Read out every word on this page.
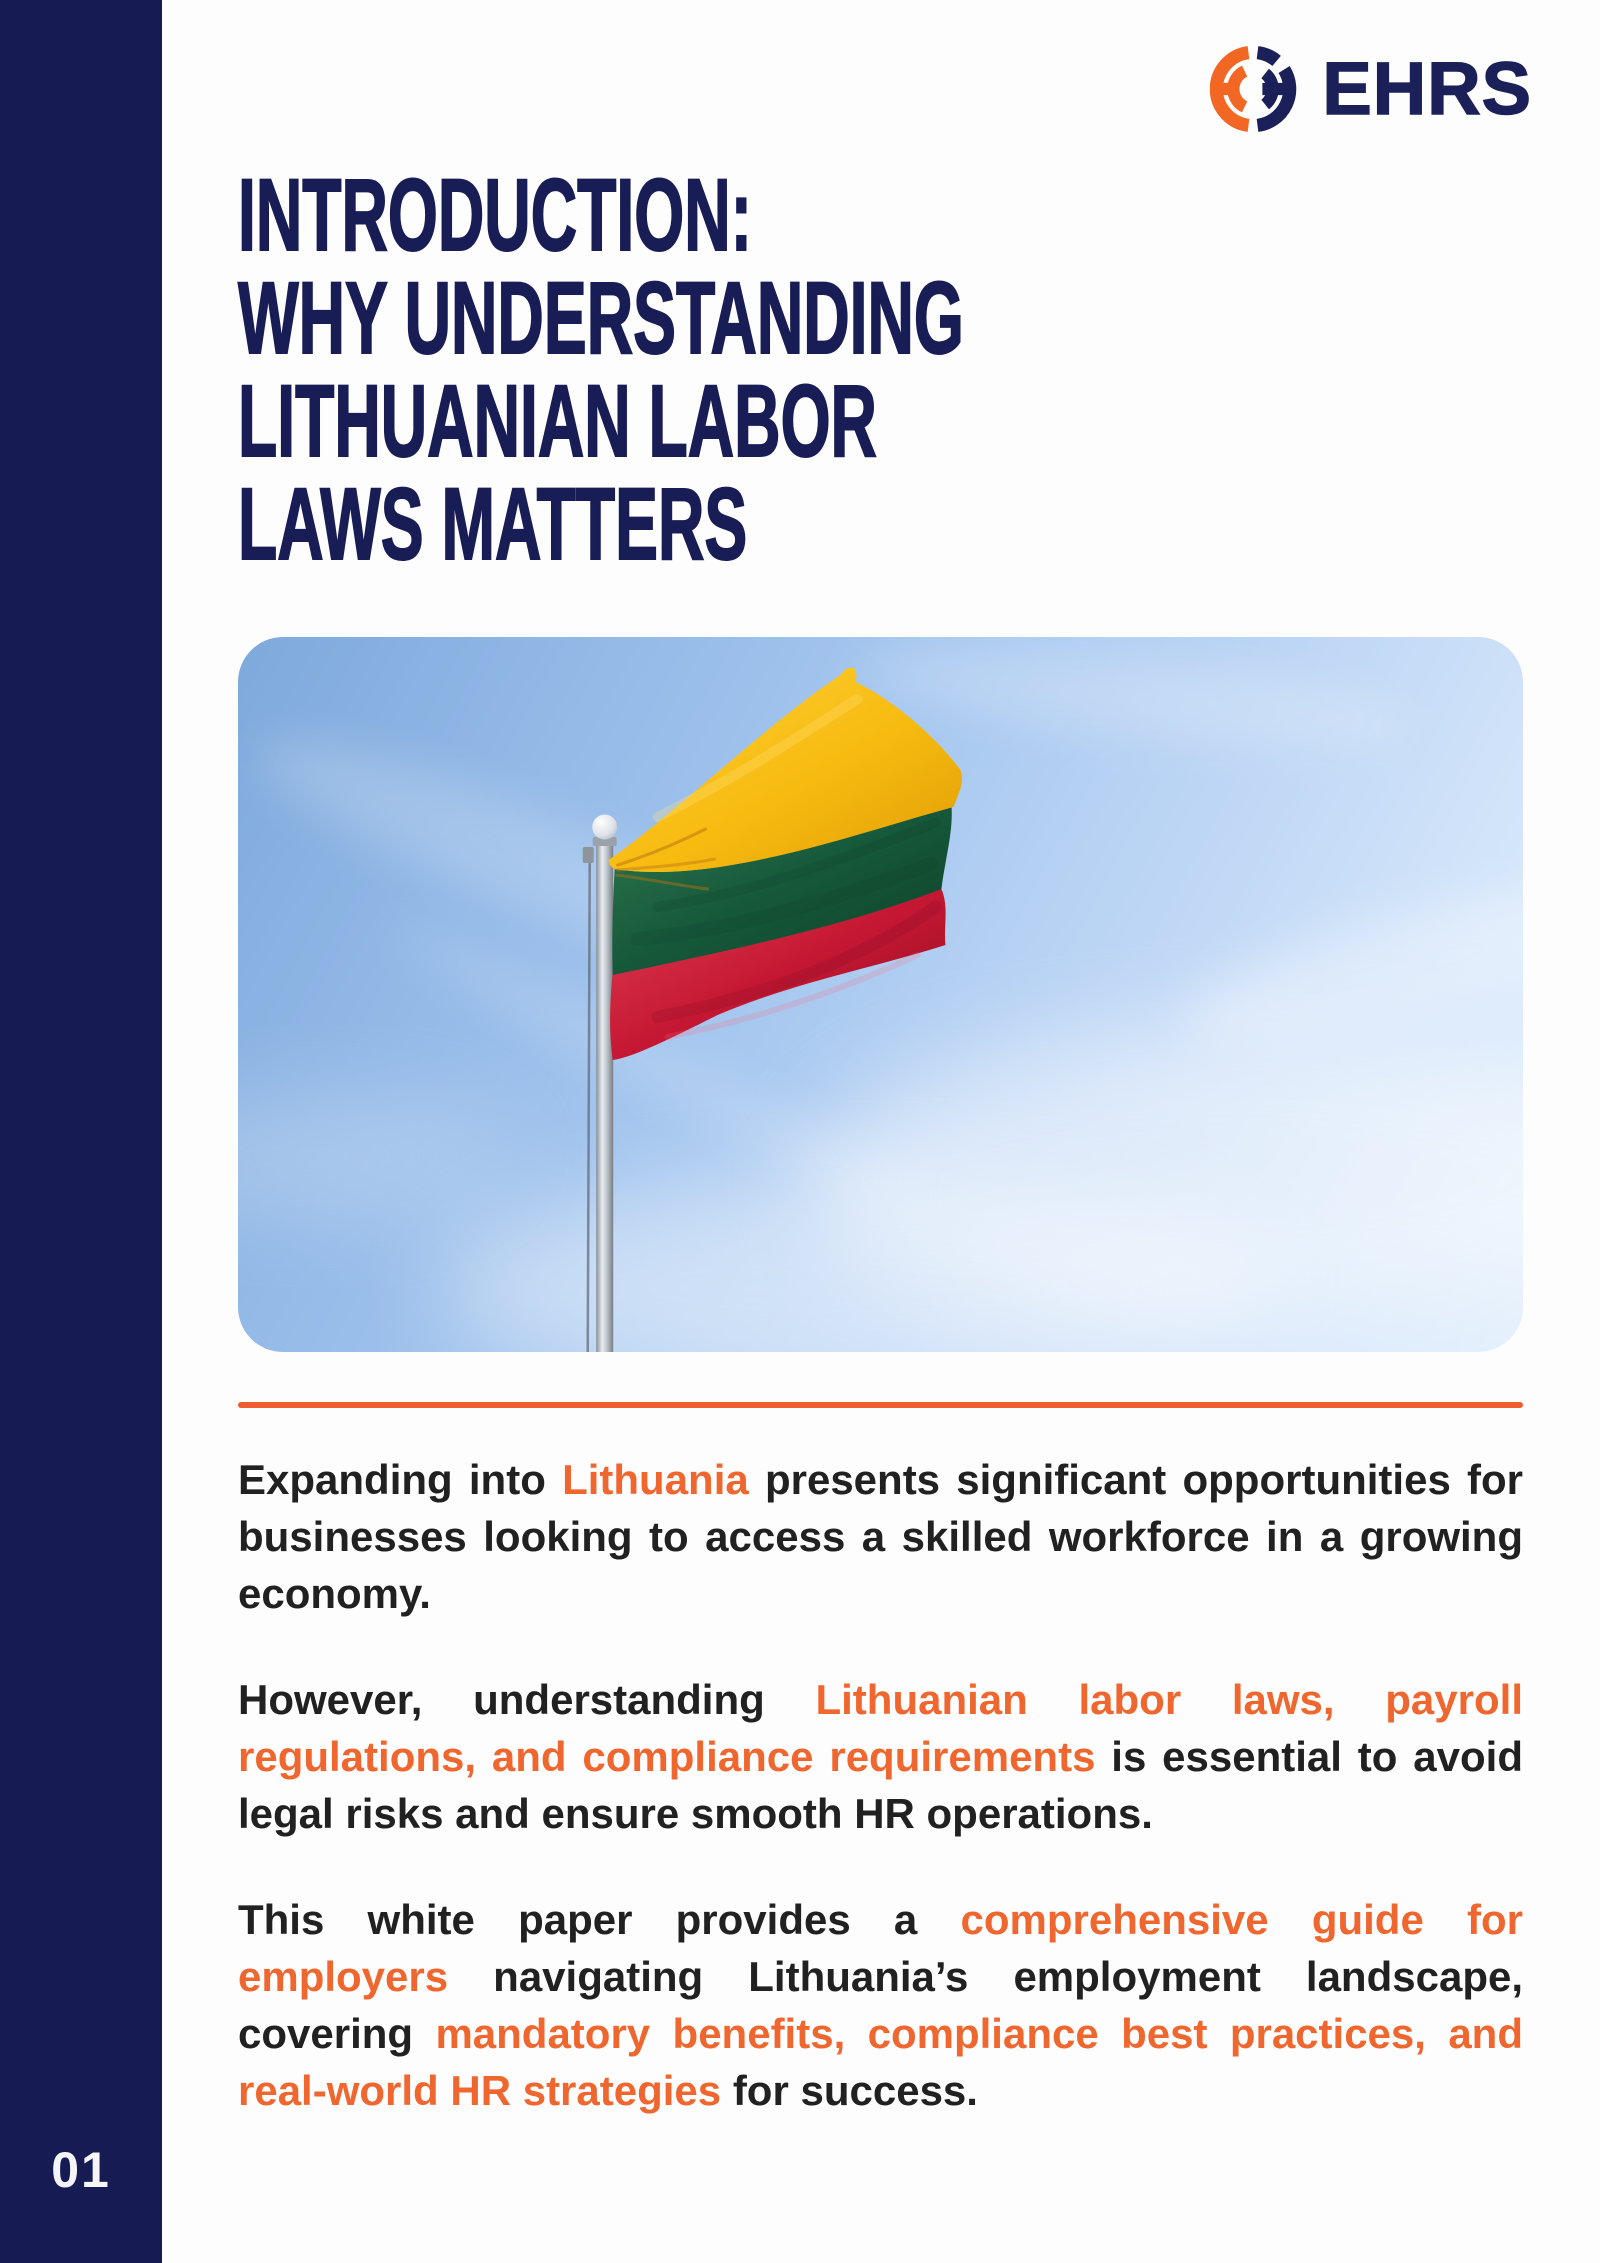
EHRS
INTRODUCTION:
WHY UNDERSTANDING
LITHUANIAN LABOR
LAWS MATTERS

Expanding into Lithuania presents significant opportunities for businesses looking to access a skilled workforce in a growing economy.

However, understanding Lithuanian labor laws, payroll regulations, and compliance requirements is essential to avoid legal risks and ensure smooth HR operations.

This white paper provides a comprehensive guide for employers navigating Lithuania’s employment landscape, covering mandatory benefits, compliance best practices, and real-world HR strategies for success.

01
